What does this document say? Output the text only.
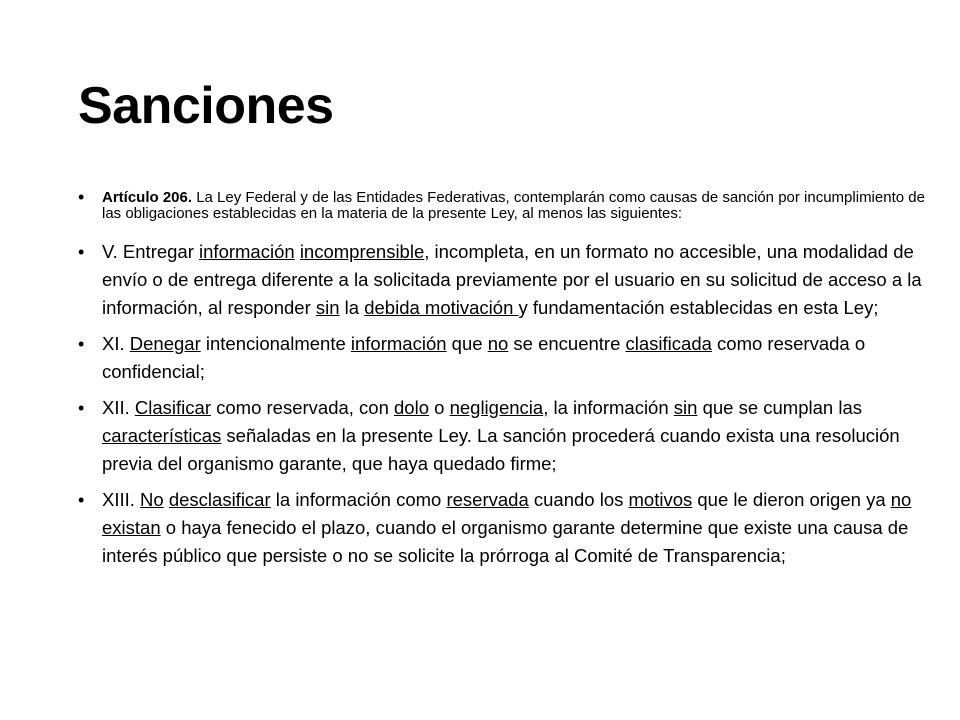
Sanciones
• Artículo 206. La Ley Federal y de las Entidades Federativas, contemplarán como causas de sanción por incumplimiento de las obligaciones establecidas en la materia de la presente Ley, al menos las siguientes:
• V. Entregar información incomprensible, incompleta, en un formato no accesible, una modalidad de envío o de entrega diferente a la solicitada previamente por el usuario en su solicitud de acceso a la información, al responder sin la debida motivación y fundamentación establecidas en esta Ley;
• XI. Denegar intencionalmente información que no se encuentre clasificada como reservada o confidencial;
• XII. Clasificar como reservada, con dolo o negligencia, la información sin que se cumplan las características señaladas en la presente Ley. La sanción procederá cuando exista una resolución previa del organismo garante, que haya quedado firme;
• XIII. No desclasificar la información como reservada cuando los motivos que le dieron origen ya no existan o haya fenecido el plazo, cuando el organismo garante determine que existe una causa de interés público que persiste o no se solicite la prórroga al Comité de Transparencia;
